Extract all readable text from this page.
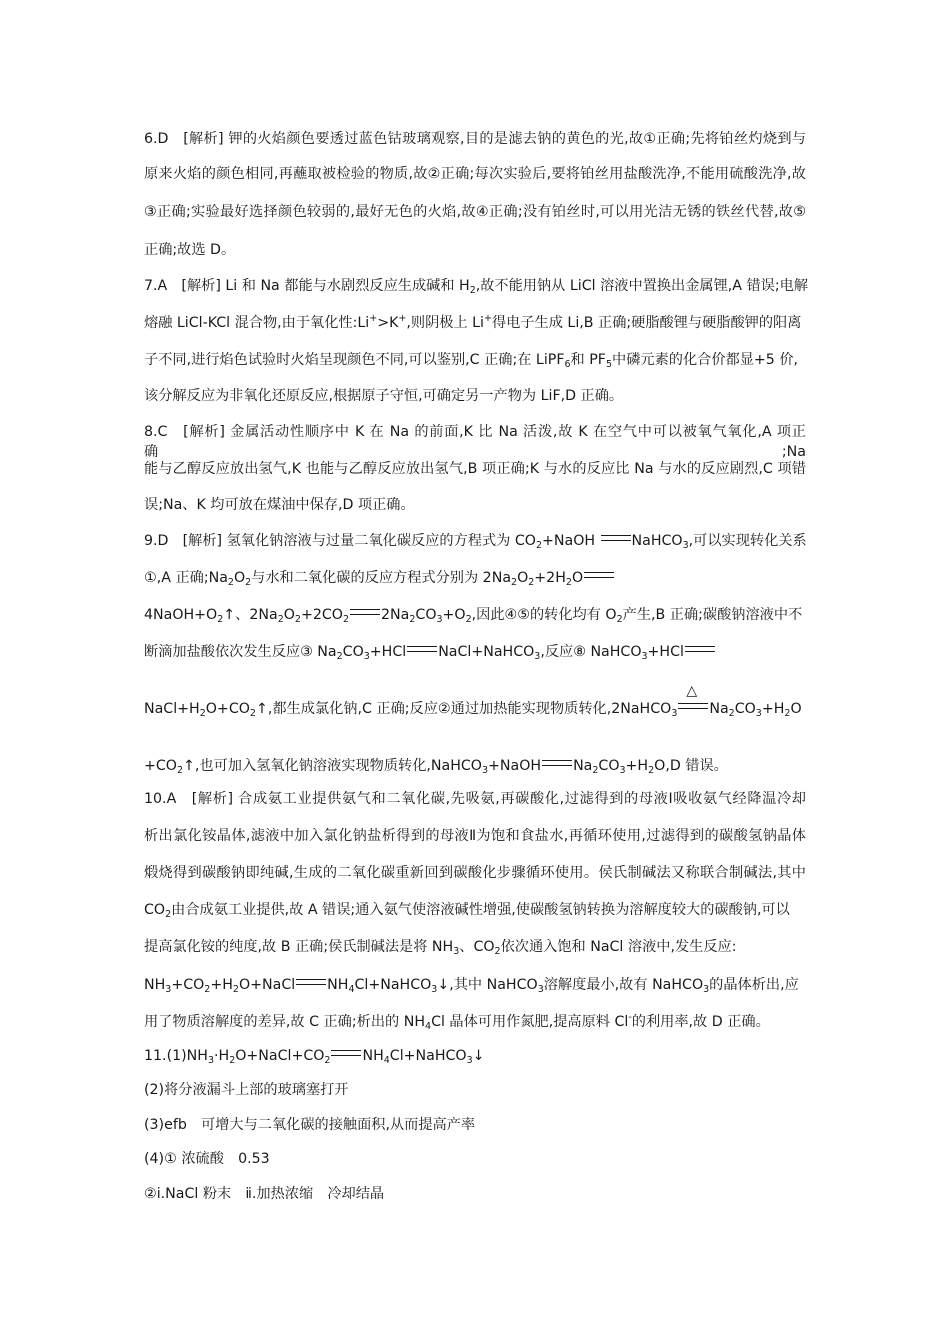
6.D　[解析] 钾的火焰颜色要透过蓝色钴玻璃观察,目的是滤去钠的黄色的光,故①正确;先将铂丝灼烧到与
原来火焰的颜色相同,再蘸取被检验的物质,故②正确;每次实验后,要将铂丝用盐酸洗净,不能用硫酸洗净,故
③正确;实验最好选择颜色较弱的,最好无色的火焰,故④正确;没有铂丝时,可以用光洁无锈的铁丝代替,故⑤
正确;故选 D。
7.A　[解析] Li 和 Na 都能与水剧烈反应生成碱和 $H_2$,故不能用钠从 LiCl 溶液中置换出金属锂,A 错误;电解
熔融 LiCl-KCl 混合物,由于氧化性:Li+>K+,则阴极上 Li+得电子生成 Li,B 正确;硬脂酸锂与硬脂酸钾的阳离
子不同,进行焰色试验时火焰呈现颜色不同,可以鉴别,C 正确;在 LiPF$_6$和 $PF_5$中磷元素的化合价都显+5 价,
该分解反应为非氧化还原反应,根据原子守恒,可确定另一产物为 LiF,D 正确。
8.C　[解析] 金属活动性顺序中 K 在 Na 的前面,K 比 Na 活泼,故 K 在空气中可以被氧气氧化,A 项正确;Na
能与乙醇反应放出氢气,K 也能与乙醇反应放出氢气,B 项正确;K 与水的反应比 Na 与水的反应剧烈,C 项错
误;Na、K 均可放在煤油中保存,D 项正确。
9.D　[解析] 氢氧化钠溶液与过量二氧化碳反应的方程式为 $CO_2+NaOH$ NaHCO$_3$,可以实现转化关系
①,A 正确$;Na_2O_2$与水和二氧化碳的反应方程式分别为 $2Na_2O_2+2H_2O$
$4NaOH+O_2↑$、$2Na_2O_2+2CO_2$ $2Na_2CO_3+O_2$,因此④⑤的转化均有 $O_2$产生,B 正确;碳酸钠溶液中不
断滴加盐酸依次发生反应③ $Na_2CO_3+HCl$ NaCl+NaHCO$_3$,反应⑧ NaHCO$_3$+HCl
$NaCl+H_2O+CO_2↑$,都生成氯化钠,C 正确;反应②通过加热能实现物质转化,2NaHCO$_3$
△
$Na_2CO_3+H_2O$
$+CO_2↑$,也可加入氢氧化钠溶液实现物质转化,NaHCO$_3$+NaOH $Na_2CO_3+H_2O,D$ 错误。
10.A　[解析] 合成氨工业提供氨气和二氧化碳,先吸氨,再碳酸化,过滤得到的母液Ⅰ吸收氨气经降温冷却
析出氯化铵晶体,滤液中加入氯化钠盐析得到的母液Ⅱ为饱和食盐水,再循环使用,过滤得到的碳酸氢钠晶体
煅烧得到碳酸钠即纯碱,生成的二氧化碳重新回到碳酸化步骤循环使用。侯氏制碱法又称联合制碱法,其中
$CO_2$由合成氨工业提供,故 A 错误;通入氨气使溶液碱性增强,使碳酸氢钠转换为溶解度较大的碳酸钠,可以
提高氯化铵的纯度,故 B 正确;侯氏制碱法是将 $NH_3$、$CO_2$依次通入饱和 NaCl 溶液中,发生反应:
$NH_3+CO_2+H_2O+NaCl$ $NH_4Cl+NaHCO_3↓$,其中 NaHCO$_3$溶解度最小,故有 NaHCO$_3$的晶体析出,应
用了物质溶解度的差异,故 C 正确;析出的 $NH_4Cl$ 晶体可用作氮肥,提高原料 Cl-的利用率,故 D 正确。
$11.(1)NH_3\cdot H_2O+NaCl+CO_2$ $NH_4Cl+NaHCO_3↓$
(2)将分液漏斗上部的玻璃塞打开
(3)efb　可增大与二氧化碳的接触面积,从而提高产率
(4)① 浓硫酸　0.53
②i.NaCl 粉末　ⅱ.加热浓缩　冷却结晶
